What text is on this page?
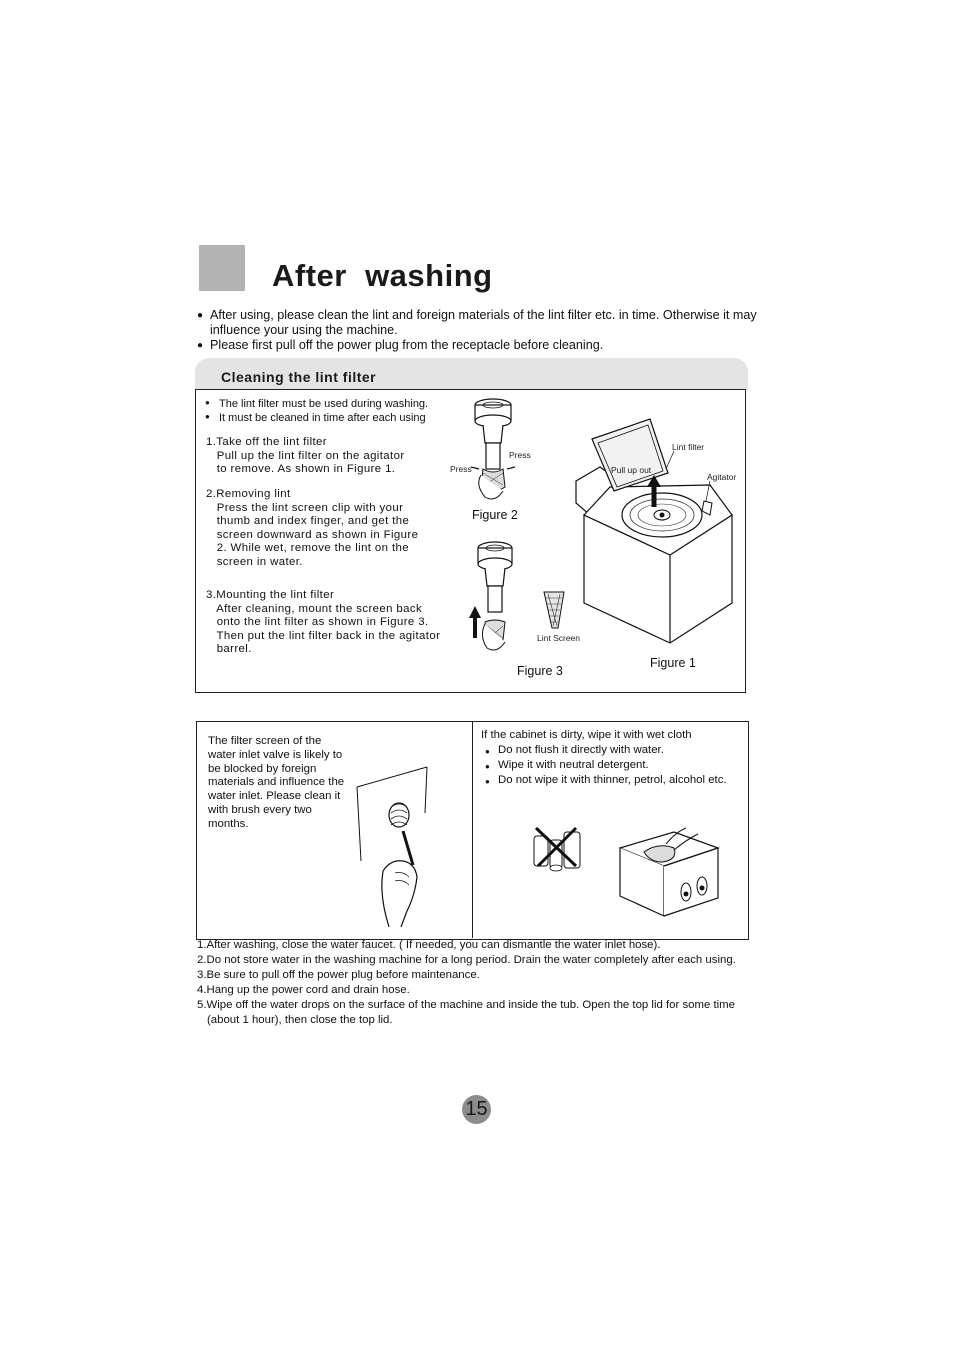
After  washing
● After using, please clean the lint and foreign materials of the lint filter etc. in time. Otherwise it may influence your using the machine.
● Please first pull off the power plug from the receptacle before cleaning.
Cleaning the lint filter
● The lint filter must be used during washing.
● It must be cleaned in time after each using
1.Take off the lint filter
Pull up the lint filter on the agitator
to remove. As shown in Figure 1.
2.Removing lint
Press the lint screen clip with your
thumb and index finger, and get the
screen downward as shown in Figure
2. While wet, remove the lint on the
screen in water.
3.Mounting the lint filter
After cleaning, mount the screen back
onto the lint filter as shown in Figure 3.
Then put the lint filter back in the agitator
barrel.
Press
Press
Figure 2
Lint Screen
Figure 3
Lint filter
Pull up out
Agitator
Figure 1
The filter screen of the water inlet valve is likely to be blocked by foreign materials and influence the water inlet. Please clean it with brush every two months.
If the cabinet is dirty, wipe it with wet cloth
● Do not flush it directly with water.
● Wipe it with neutral detergent.
● Do not wipe it with thinner, petrol, alcohol etc.
1.After washing, close the water faucet. ( If needed, you can dismantle the water inlet hose).
2.Do not store water in the washing machine for a long period. Drain the water completely after each using.
3.Be sure to pull off the power plug before maintenance.
4.Hang up the power cord and drain hose.
5.Wipe off the water drops on the surface of the machine and inside the tub. Open the top lid for some time (about 1 hour), then close the top lid.
15
